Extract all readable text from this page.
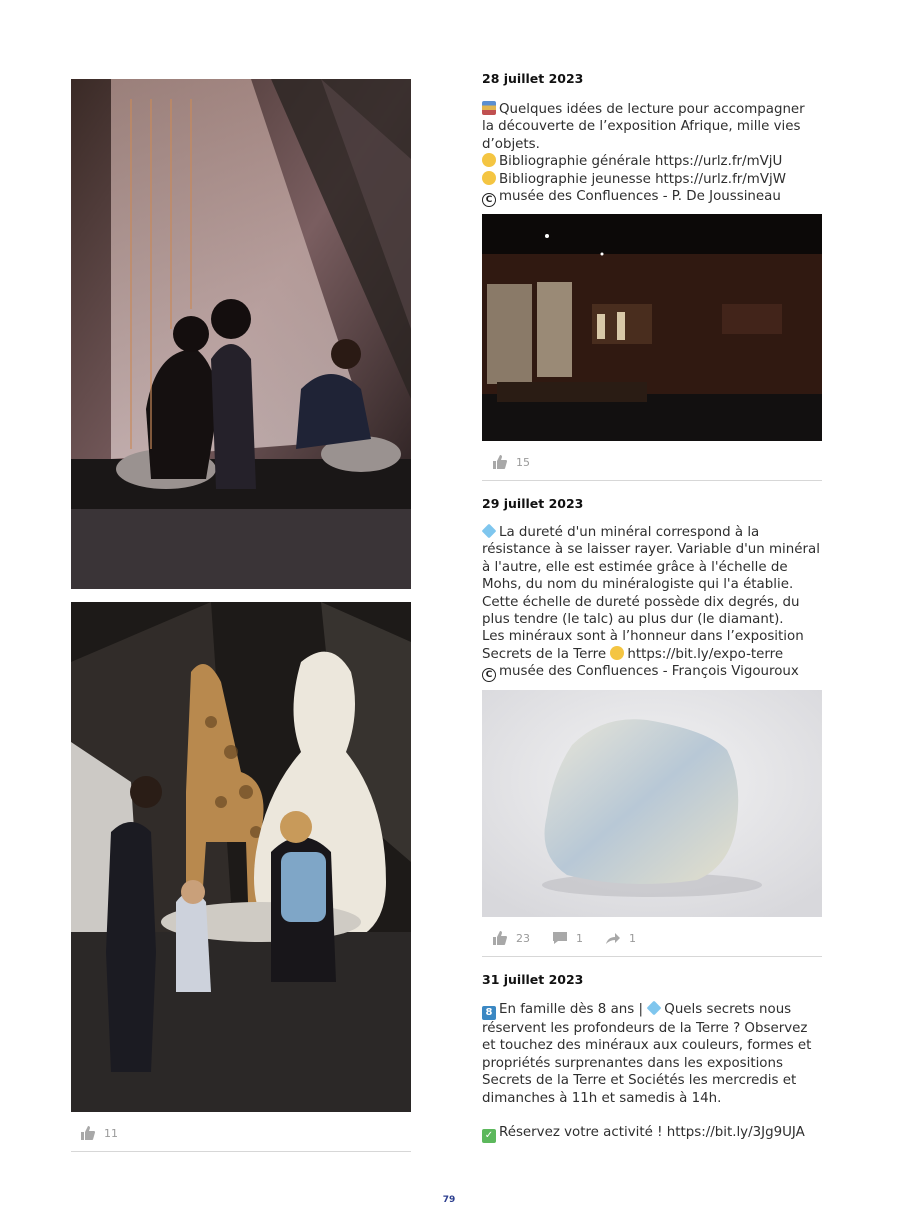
11
28 juillet 2023
Quelques idées de lecture pour accompagner
la découverte de l’exposition Afrique, mille vies
d’objets.
Bibliographie générale https://urlz.fr/mVjU
Bibliographie jeunesse https://urlz.fr/mVjW
C musée des Confluences - P. De Joussineau
15
29 juillet 2023
La dureté d'un minéral correspond à la
résistance à se laisser rayer. Variable d'un minéral
à l'autre, elle est estimée grâce à l'échelle de
Mohs, du nom du minéralogiste qui l'a établie.
Cette échelle de dureté possède dix degrés, du
plus tendre (le talc) au plus dur (le diamant).
Les minéraux sont à l’honneur dans l’exposition
Secrets de la Terre https://bit.ly/expo-terre
C musée des Confluences - François Vigouroux
23	1	1
31 juillet 2023
8 En famille dès 8 ans | Quels secrets nous
réservent les profondeurs de la Terre ? Observez
et touchez des minéraux aux couleurs, formes et
propriétés surprenantes dans les expositions
Secrets de la Terre et Sociétés les mercredis et
dimanches à 11h et samedis à 14h.
✓ Réservez votre activité ! https://bit.ly/3Jg9UJA
79
